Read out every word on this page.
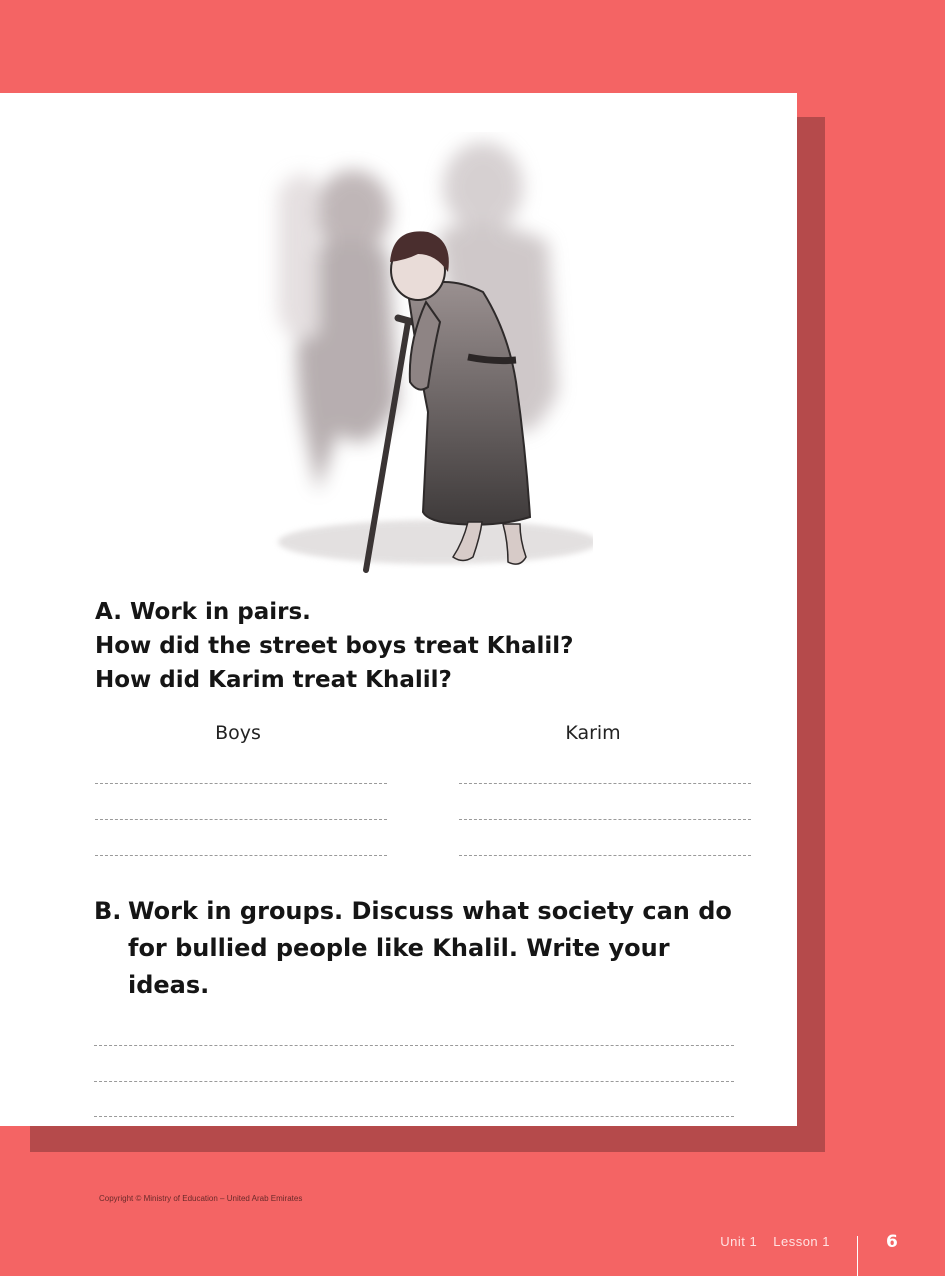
A. Work in pairs.
How did the street boys treat Khalil?
How did Karim treat Khalil?
Boys	Karim
B. Work in groups. Discuss what society can do for bullied people like Khalil. Write your ideas.
Copyright © Ministry of Education – United Arab Emirates
Unit 1 Lesson 1	6
